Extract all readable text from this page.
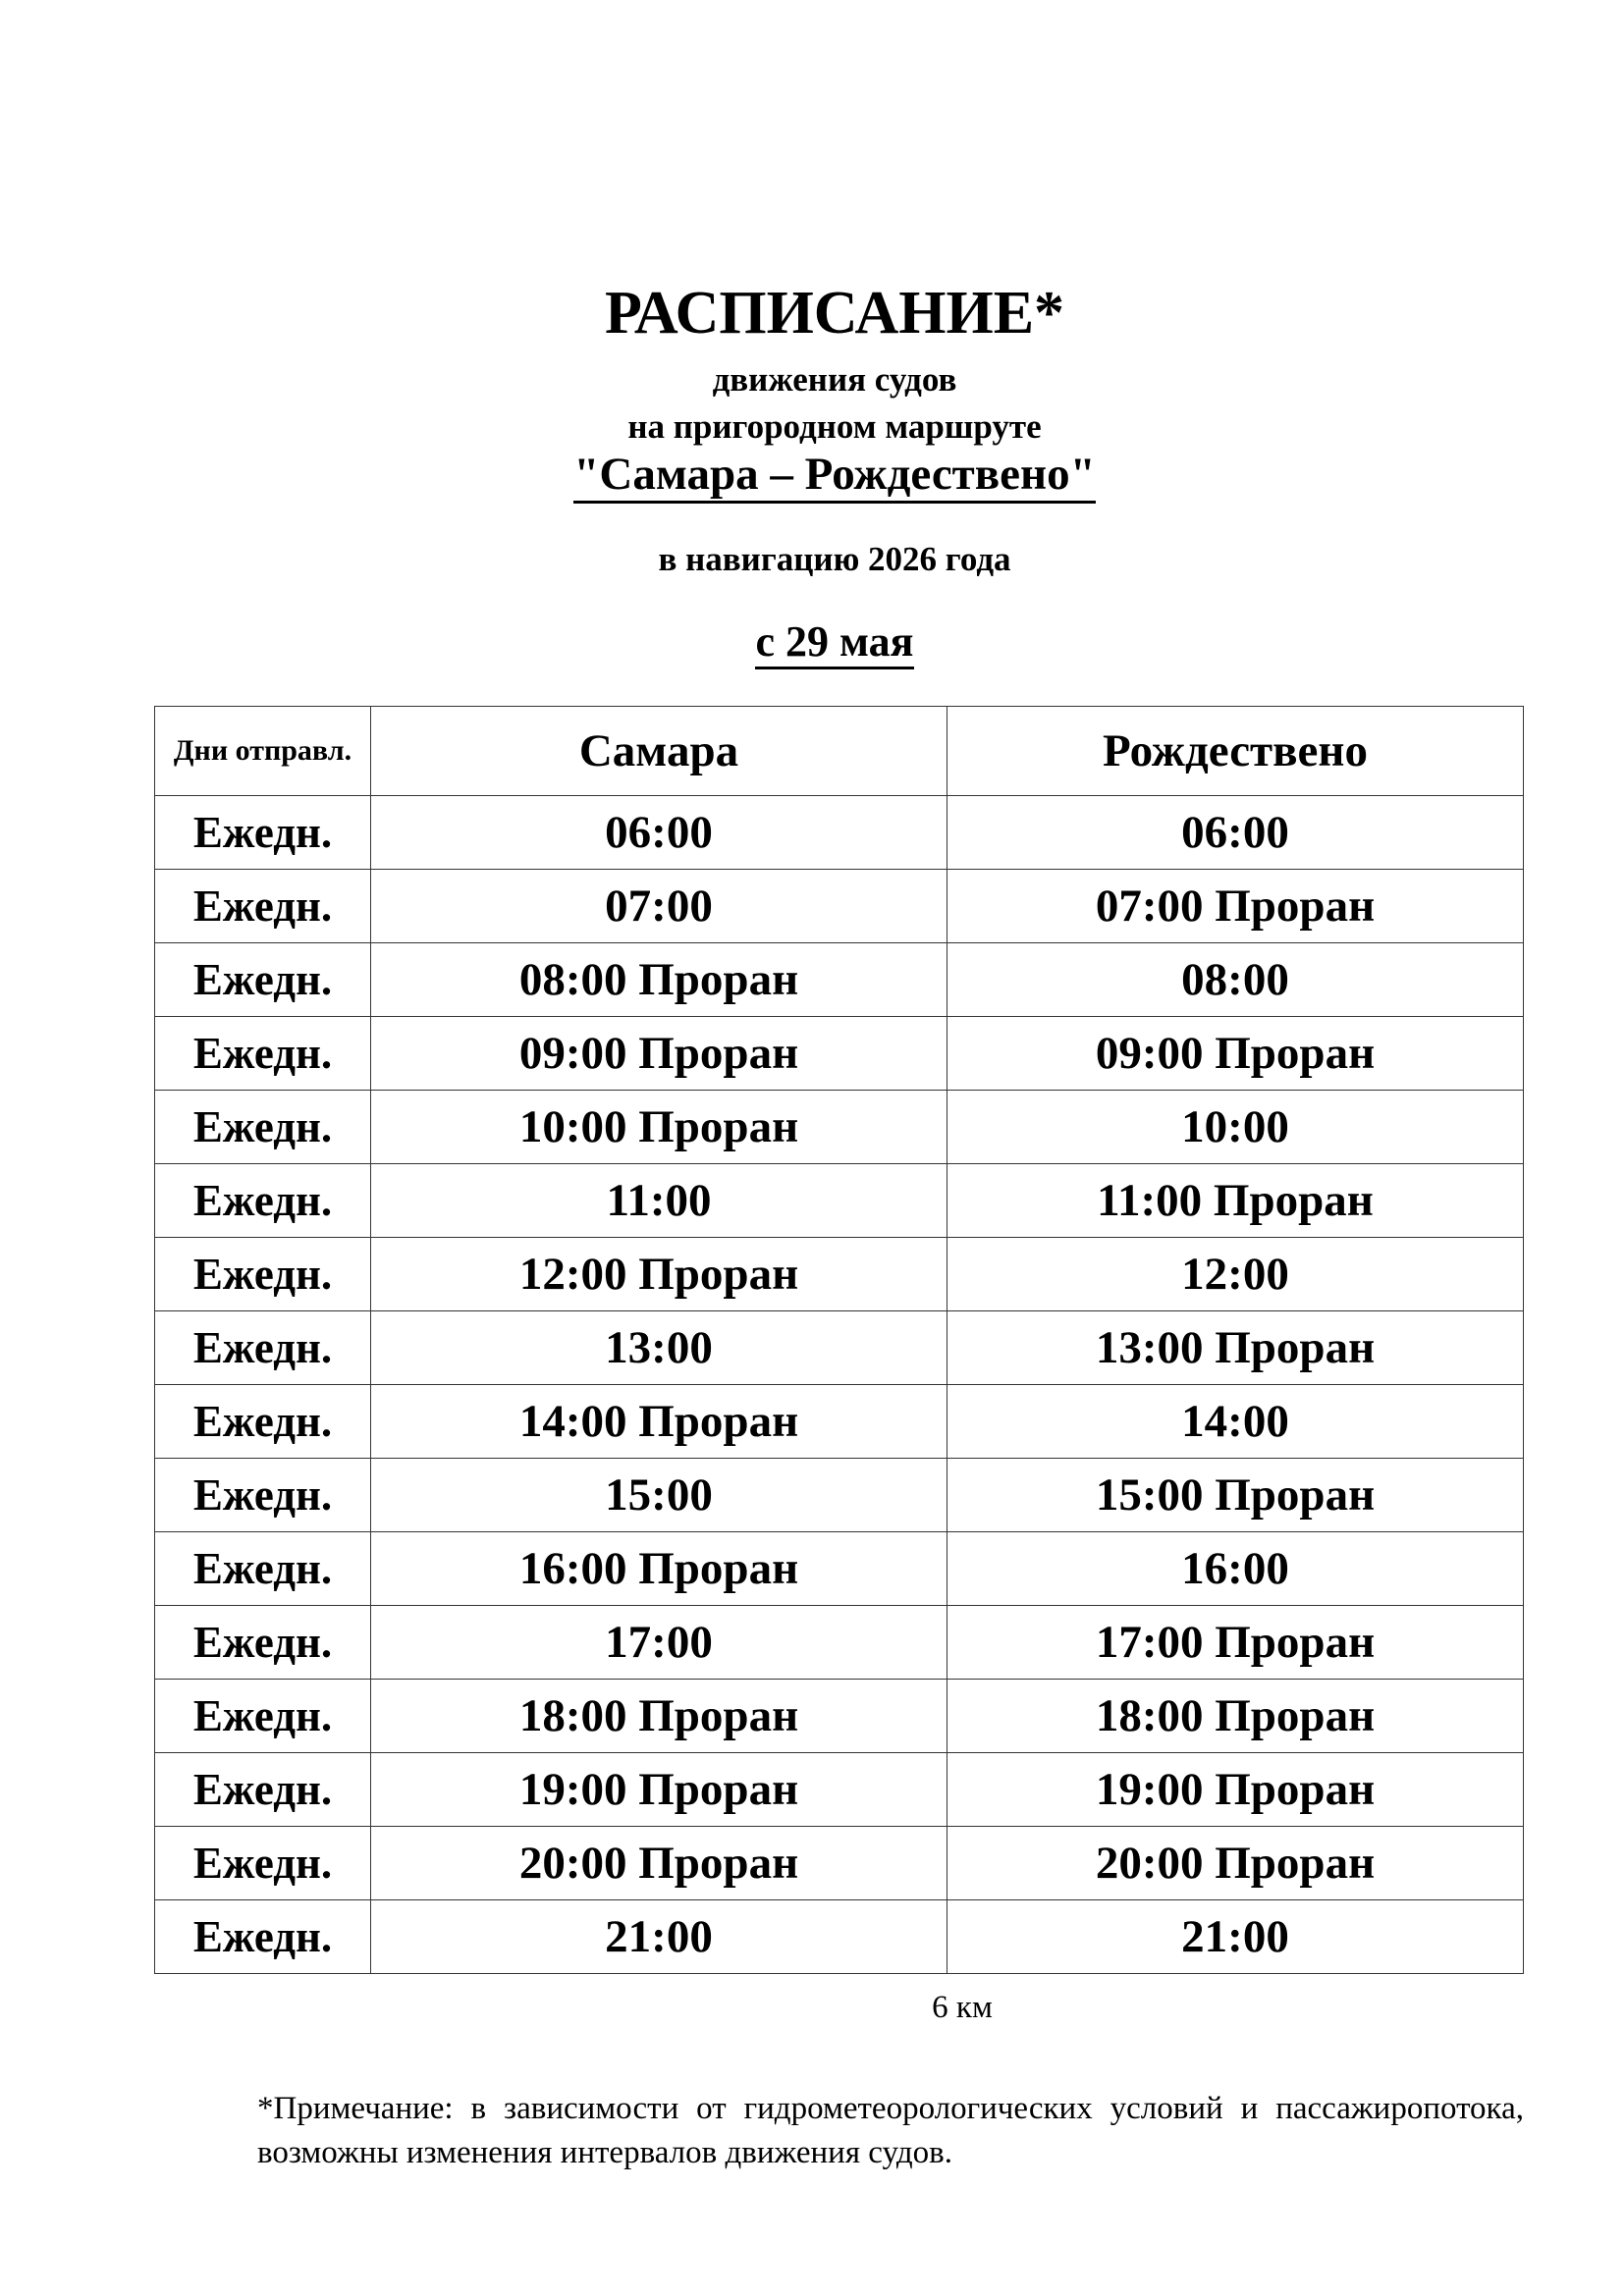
РАСПИСАНИЕ*
движения судов
на пригородном маршруте
"Самара – Рождествено"
в навигацию 2026 года
с 29 мая
Дни отправл.	Самара	Рождествено
Ежедн.	06:00	06:00
Ежедн.	07:00	07:00 Проран
Ежедн.	08:00 Проран	08:00
Ежедн.	09:00 Проран	09:00 Проран
Ежедн.	10:00 Проран	10:00
Ежедн.	11:00	11:00 Проран
Ежедн.	12:00 Проран	12:00
Ежедн.	13:00	13:00 Проран
Ежедн.	14:00 Проран	14:00
Ежедн.	15:00	15:00 Проран
Ежедн.	16:00 Проран	16:00
Ежедн.	17:00	17:00 Проран
Ежедн.	18:00 Проран	18:00 Проран
Ежедн.	19:00 Проран	19:00 Проран
Ежедн.	20:00 Проран	20:00 Проран
Ежедн.	21:00	21:00
6 км
*Примечание: в зависимости от гидрометеорологических условий и пассажиропотока, возможны изменения интервалов движения судов.
